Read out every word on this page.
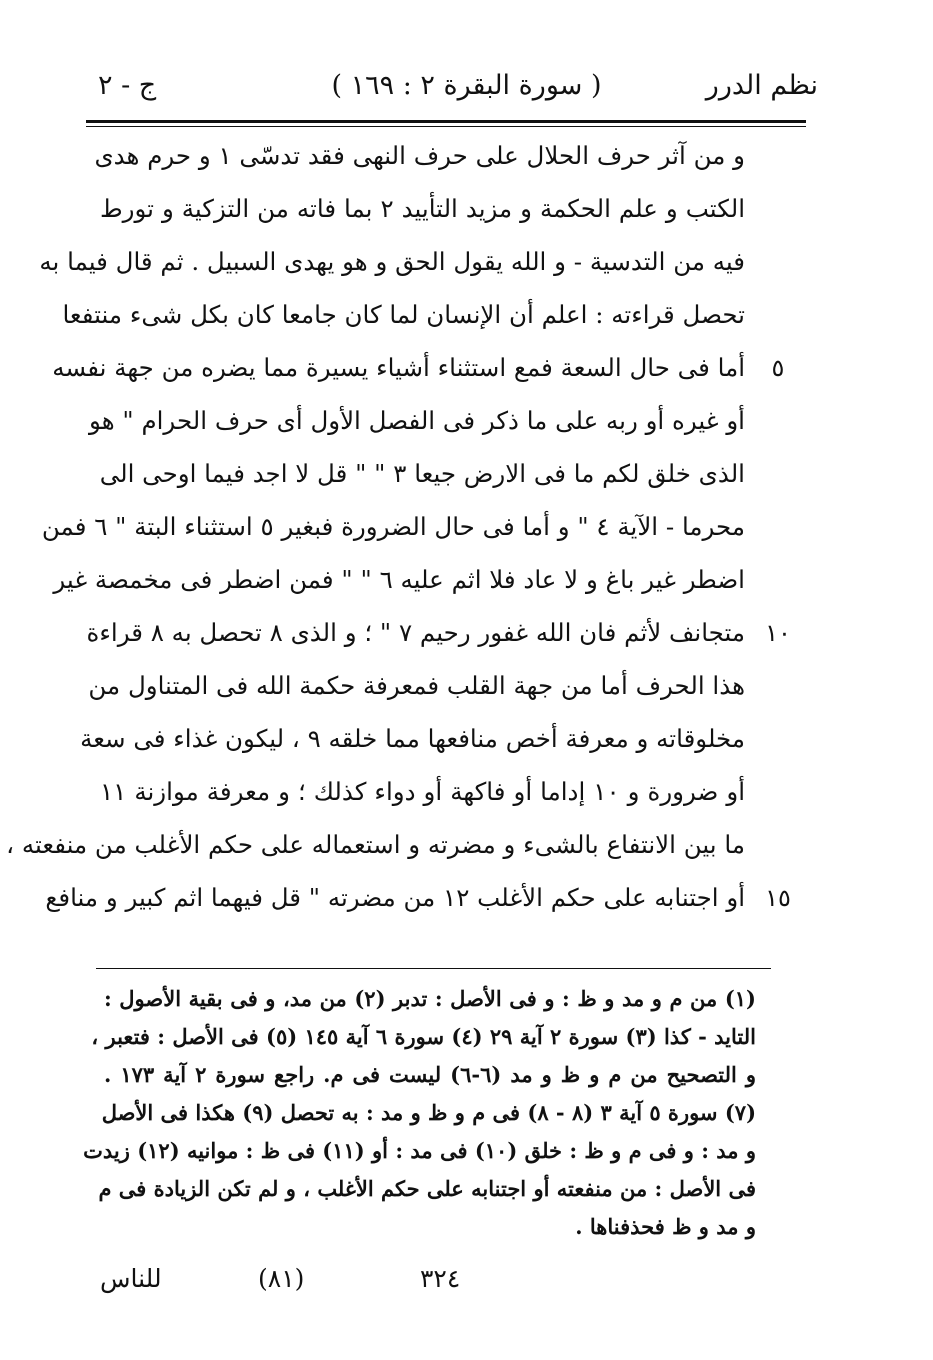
نظم الدرر
( سورة البقرة ٢ : ١٦٩ )
ج - ٢
و من آثر حرف الحلال على حرف النهى فقد تدسّى ١ و حرم هدى
الكتب و علم الحكمة و مزيد التأييد ٢ بما فاته من التزكية و تورط
فيه من التدسية - و الله يقول الحق و هو يهدى السبيل . ثم قال فيما به
تحصل قراءته : اعلم أن الإنسان لما كان جامعا كان بكل شىء منتفعا
أما فى حال السعة فمع استثناء أشياء يسيرة مما يضره من جهة نفسه
أو غيره أو ربه على ما ذكر فى الفصل الأول أى حرف الحرام " هو
الذى خلق لكم ما فى الارض جيعا ٣ " " قل لا اجد فيما اوحى الى
محرما - الآية ٤ " و أما فى حال الضرورة فبغير ٥ استثناء البتة " ٦ فمن
اضطر غير باغ و لا عاد فلا اثم عليه ٦ " " فمن اضطر فى مخمصة غير
متجانف لأثم فان الله غفور رحيم ٧ " ؛ و الذى ٨ تحصل به ٨ قراءة
هذا الحرف أما من جهة القلب فمعرفة حكمة الله فى المتناول من
مخلوقاته و معرفة أخص منافعها مما خلقه ٩ ، ليكون غذاء فى سعة
أو ضرورة و ١٠ إداما أو فاكهة أو دواء كذلك ؛ و معرفة موازنة ١١
ما بين الانتفاع بالشىء و مضرته و استعماله على حكم الأغلب من منفعته ،
أو اجتنابه على حكم الأغلب ١٢ من مضرته " قل فيهما اثم كبير و منافع
٥
١٠
١٥
(١) من م و مد و ظ : و فى الأصل : تدبر (٢) من مد، و فى بقية الأصول :
التايد - كذا (٣) سورة ٢ آية ٢٩ (٤) سورة ٦ آية ١٤٥ (٥) فى الأصل : فتعبر ،
و التصحيح من م و ظ و مد (٦-٦) ليست فى م. راجع سورة ٢ آية ١٧٣ .
(٧) سورة ٥ آية ٣ (٨ - ٨) فى م و ظ و مد : به تحصل (٩) هكذا فى الأصل
و مد : و فى م و ظ : خلق (١٠) فى مد : أو (١١) فى ظ : موانيه (١٢) زيدت
فى الأصل : من منفعته أو اجتنابه على حكم الأغلب ، و لم تكن الزيادة فى م
و مد و ظ فحذفناها .
٣٢٤
(٨١)
للناس
